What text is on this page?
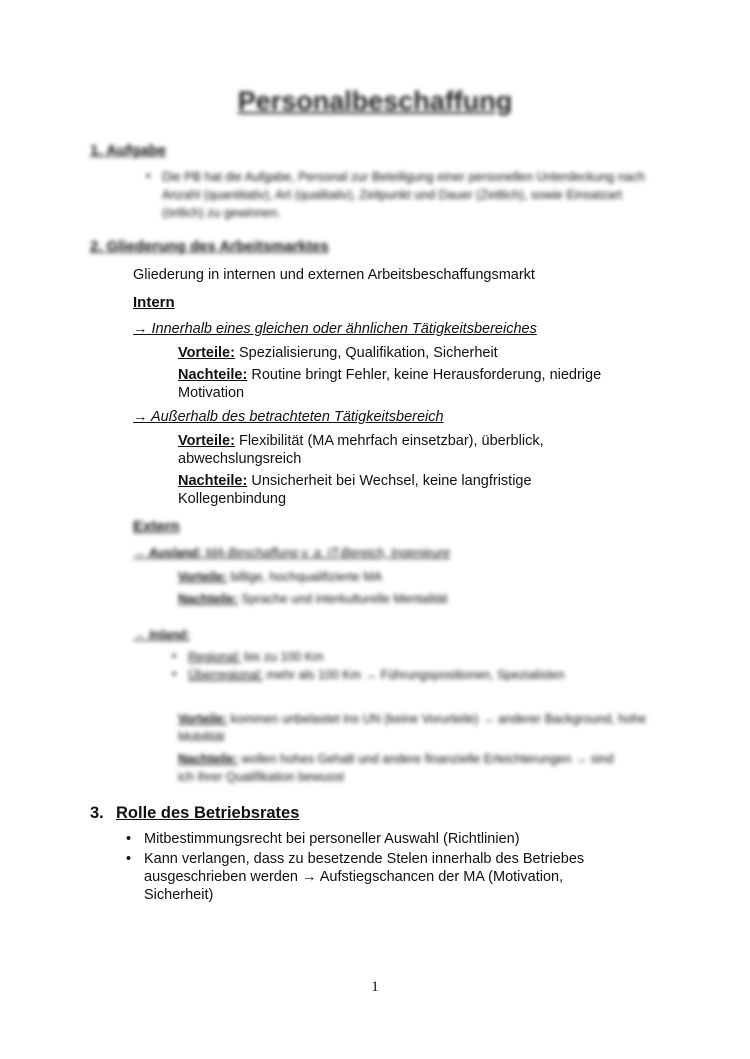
Personalbeschaffung
1. Aufgabe
• Die PB hat die Aufgabe, Personal zur Beteiligung einer personellen Unterdeckung nach Anzahl (quantitativ), Art (qualitativ), Zeitpunkt und Dauer (Zeitlich), sowie Einsatzart (örtlich) zu gewinnen.
2. Gliederung des Arbeitsmarktes
Gliederung in internen und externen Arbeitsbeschaffungsmarkt
Intern
→ Innerhalb eines gleichen oder ähnlichen Tätigkeitsbereiches
Vorteile: Spezialisierung, Qualifikation, Sicherheit
Nachteile: Routine bringt Fehler, keine Herausforderung, niedrige
Motivation
→ Außerhalb des betrachteten Tätigkeitsbereich
Vorteile: Flexibilität (MA mehrfach einsetzbar), überblick,
abwechslungsreich
Nachteile: Unsicherheit bei Wechsel, keine langfristige
Kollegenbindung
Extern
→ Ausland: MA-Beschaffung v. a. IT-Bereich, Ingenieure
Vorteile: billige, hochqualifizierte MA
Nachteile: Sprache und interkulturelle Mentalität
→ Inland:
• Regional: bis zu 100 Km
• Überregional: mehr als 100 Km → Führungspositionen, Spezialisten
Vorteile: kommen unbelastet ins UN (keine Vorurteile) → anderer Background, hohe Mobilität
Nachteile: wollen hohes Gehalt und andere finanzielle Erleichterungen → sind ich ihrer Qualifikation bewusst
3. Rolle des Betriebsrates
• Mitbestimmungsrecht bei personeller Auswahl (Richtlinien)
• Kann verlangen, dass zu besetzende Stelen innerhalb des Betriebes
ausgeschrieben werden → Aufstiegschancen der MA (Motivation,
Sicherheit)
1
